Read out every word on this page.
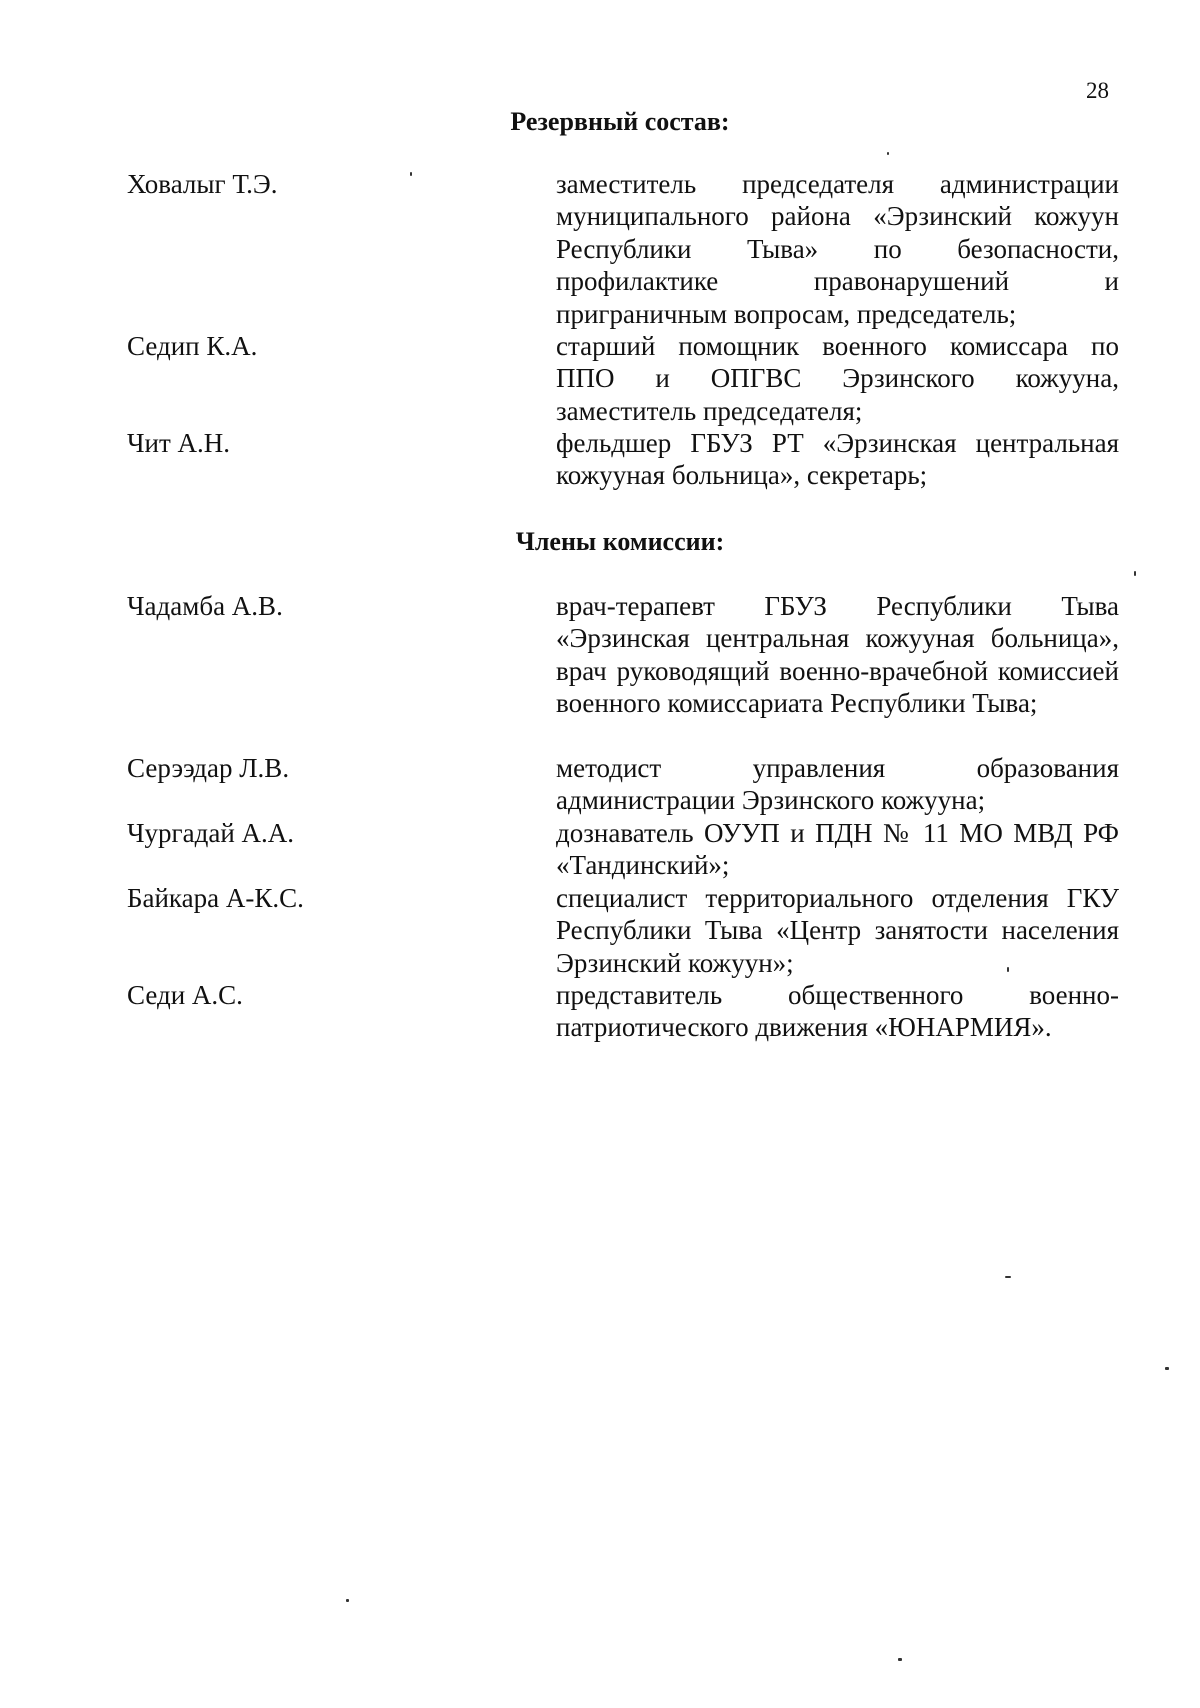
28
Резервный состав:
Ховалыг Т.Э.	заместитель председателя администрации муниципального района «Эрзинский кожуун Республики Тыва» по безопасности, профилактике правонарушений и приграничным вопросам, председатель;
Седип К.А.	старший помощник военного комиссара по ППО и ОПГВС Эрзинского кожууна, заместитель председателя;
Чит А.Н.	фельдшер ГБУЗ РТ «Эрзинская центральная кожууная больница», секретарь;
Члены комиссии:
Чадамба А.В.	врач-терапевт ГБУЗ Республики Тыва «Эрзинская центральная кожууная больница», врач руководящий военно-врачебной комиссией военного комиссариата Республики Тыва;
Серээдар Л.В.	методист управления образования администрации Эрзинского кожууна;
Чургадай А.А.	дознаватель ОУУП и ПДН № 11 МО МВД РФ «Тандинский»;
Байкара А-К.С.	специалист территориального отделения ГКУ Республики Тыва «Центр занятости населения Эрзинский кожуун»;
Седи А.С.	представитель общественного военно-патриотического движения «ЮНАРМИЯ».
